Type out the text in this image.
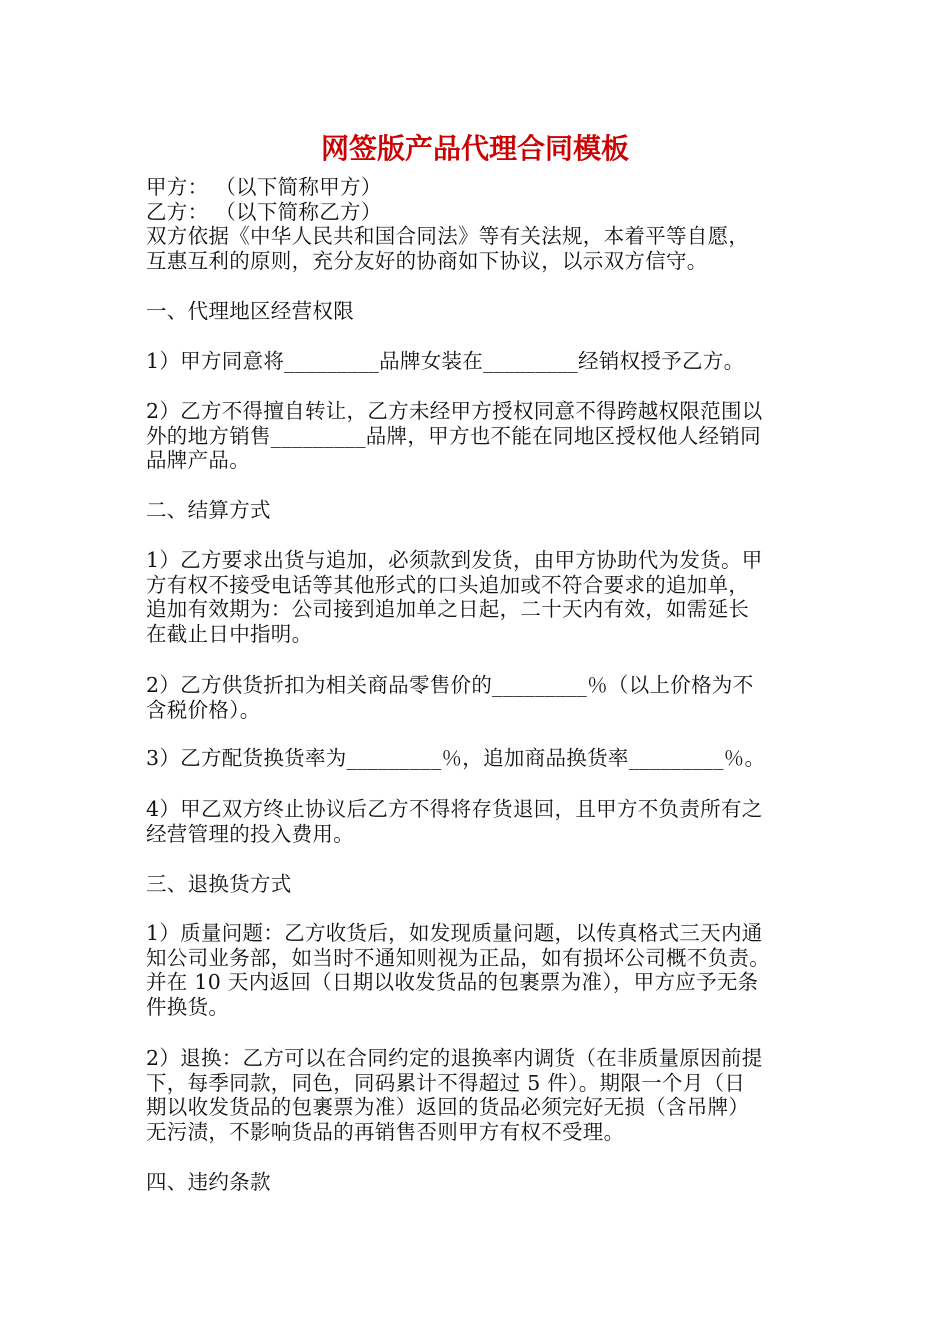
网签版产品代理合同模板
甲方： （以下简称甲方）
乙方： （以下简称乙方）
双方依据《中华人民共和国合同法》等有关法规，本着平等自愿，
互惠互利的原则，充分友好的协商如下协议，以示双方信守。
一、代理地区经营权限
1）甲方同意将_________品牌女装在_________经销权授予乙方。
2）乙方不得擅自转让，乙方未经甲方授权同意不得跨越权限范围以
外的地方销售_________品牌，甲方也不能在同地区授权他人经销同
品牌产品。
二、结算方式
1）乙方要求出货与追加，必须款到发货，由甲方协助代为发货。甲
方有权不接受电话等其他形式的口头追加或不符合要求的追加单，
追加有效期为：公司接到追加单之日起，二十天内有效，如需延长
在截止日中指明。
2）乙方供货折扣为相关商品零售价的_________％（以上价格为不
含税价格）。
3）乙方配货换货率为_________％，追加商品换货率_________％。
4）甲乙双方终止协议后乙方不得将存货退回，且甲方不负责所有之
经营管理的投入费用。
三、退换货方式
1）质量问题：乙方收货后，如发现质量问题，以传真格式三天内通
知公司业务部，如当时不通知则视为正品，如有损坏公司概不负责。
并在 10 天内返回（日期以收发货品的包裹票为准），甲方应予无条
件换货。
2）退换：乙方可以在合同约定的退换率内调货（在非质量原因前提
下，每季同款，同色，同码累计不得超过 5 件）。期限一个月（日
期以收发货品的包裹票为准）返回的货品必须完好无损（含吊牌）
无污渍，不影响货品的再销售否则甲方有权不受理。
四、违约条款
